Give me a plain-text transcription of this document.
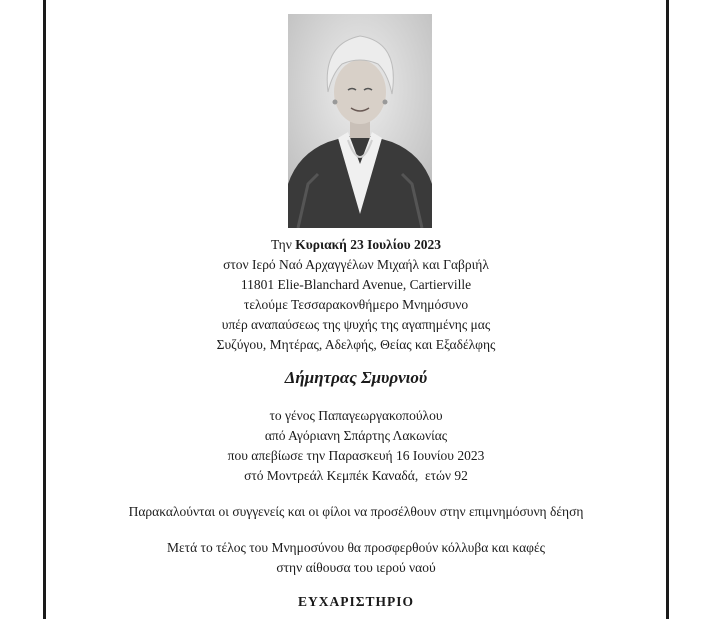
Την Κυριακή 23 Ιουλίου 2023

στον Ιερό Ναό Αρχαγγέλων Μιχαήλ και Γαβριήλ

11801 Elie-Blanchard Avenue, Cartierville

τελούμε Τεσσαρακονθήμερο Μνημόσυνο

υπέρ αναπαύσεως της ψυχής της αγαπημένης μας

Συζύγου, Μητέρας, Αδελφής, Θείας και Εξαδέλφης

Δήμητρας Σμυρνιού

το γένος Παπαγεωργακοπούλου

από Αγόριανη Σπάρτης Λακωνίας

που απεβίωσε την Παρασκευή 16 Ιουνίου 2023

στό Μοντρεάλ Κεμπέκ Καναδά,  ετών 92

Παρακαλούνται οι συγγενείς και οι φίλοι να προσέλθουν στην επιμνημόσυνη δέηση

Μετά το τέλος του Μνημοσύνου θα προσφερθούν κόλλυβα και καφές

στην αίθουσα του ιερού ναού

ΕΥΧΑΡΙΣΤΗΡΙΟ
